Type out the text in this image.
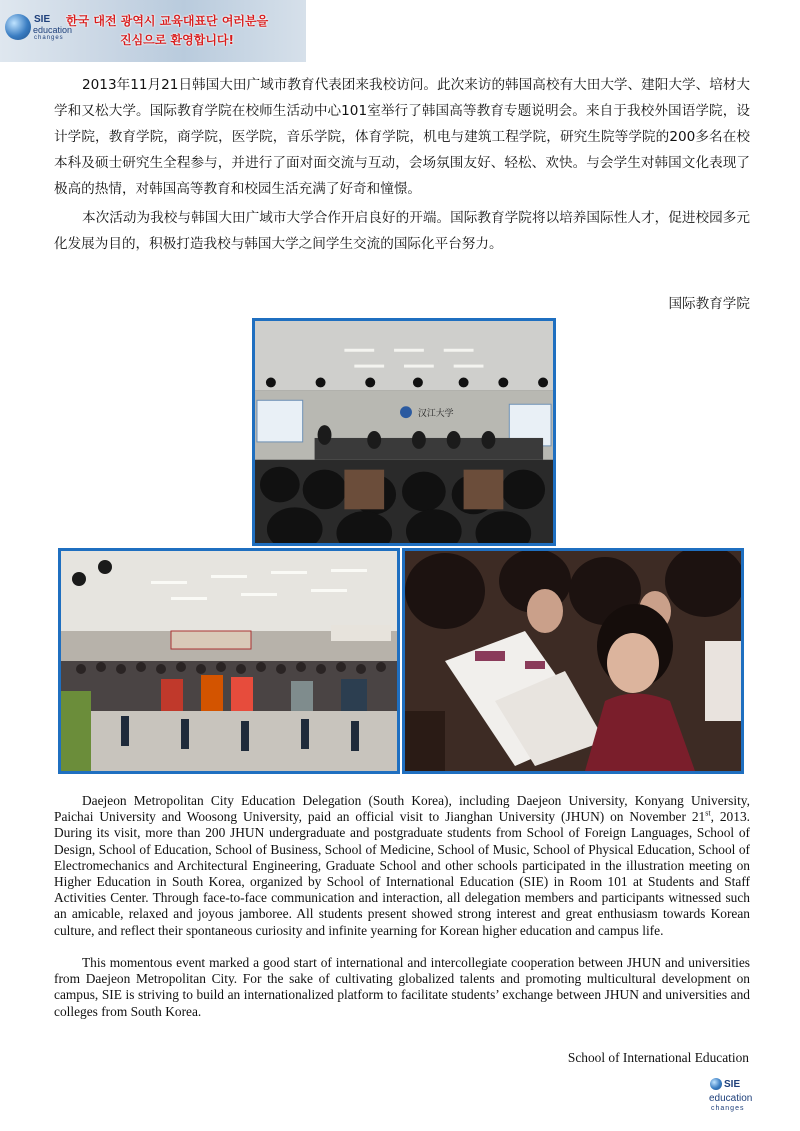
SIE
education
changes
한국 대전 광역시 교육대표단 여러분을
진심으로 환영합니다!

2013年11月21日韩国大田广域市教育代表团来我校访问。此次来访的韩国高校有大田大学、建阳大学、培材大学和又松大学。国际教育学院在校师生活动中心101室举行了韩国高等教育专题说明会。来自于我校外国语学院，设计学院，教育学院，商学院，医学院，音乐学院，体育学院，机电与建筑工程学院，研究生院等学院的200多名在校本科及硕士研究生全程参与，并进行了面对面交流与互动，会场氛围友好、轻松、欢快。与会学生对韩国文化表现了极高的热情，对韩国高等教育和校园生活充满了好奇和憧憬。

本次活动为我校与韩国大田广域市大学合作开启良好的开端。国际教育学院将以培养国际性人才，促进校园多元化发展为目的，积极打造我校与韩国大学之间学生交流的国际化平台努力。

国际教育学院
汉江大学

Daejeon Metropolitan City Education Delegation (South Korea), including Daejeon University, Konyang University, Paichai University and Woosong University, paid an official visit to Jianghan University (JHUN) on November 21st, 2013. During its visit, more than 200 JHUN undergraduate and postgraduate students from School of Foreign Languages, School of Design, School of Education, School of Business, School of Medicine, School of Music, School of Physical Education, School of Electromechanics and Architectural Engineering, Graduate School and other schools participated in the illustration meeting on Higher Education in South Korea, organized by School of International Education (SIE) in Room 101 at Students and Staff Activities Center. Through face-to-face communication and interaction, all delegation members and participants witnessed such an amicable, relaxed and joyous jamboree. All students present showed strong interest and great enthusiasm towards Korean culture, and reflect their spontaneous curiosity and infinite yearning for Korean higher education and campus life.

This momentous event marked a good start of international and intercollegiate cooperation between JHUN and universities from Daejeon Metropolitan City. For the sake of cultivating globalized talents and promoting multicultural development on campus, SIE is striving to build an internationalized platform to facilitate students’ exchange between JHUN and universities and colleges from South Korea.

School of International Education
SIE
education
changes
